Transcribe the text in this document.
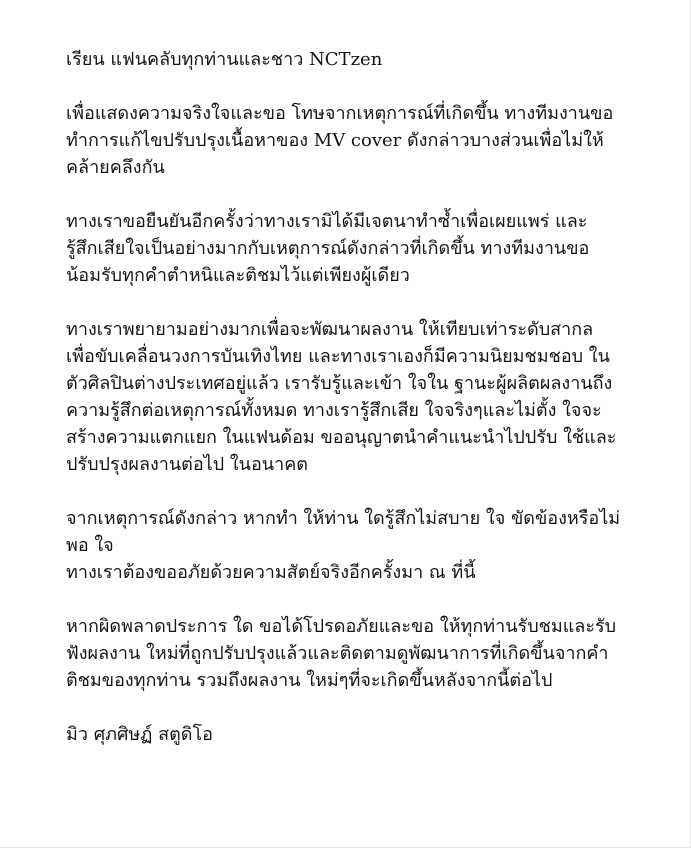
เรียน แฟนคลับทุกท่านและชาว NCTzen
เพื่อแสดงความจริงใจและขอ โทษจากเหตุการณ์ที่เกิดขึ้น ทางทีมงานขอ
ทำการแก้ไขปรับปรุงเนื้อหาของ MV cover ดังกล่าวบางส่วนเพื่อไม่ให้
คล้ายคลึงกัน
ทางเราขอยืนยันอีกครั้งว่าทางเรามิได้มีเจตนาทำซ้ำเพื่อเผยแพร่ และ
รู้สึกเสียใจเป็นอย่างมากกับเหตุการณ์ดังกล่าวที่เกิดขึ้น ทางทีมงานขอ
น้อมรับทุกคำตำหนิและติชมไว้แต่เพียงผู้เดียว
ทางเราพยายามอย่างมากเพื่อจะพัฒนาผลงาน ให้เทียบเท่าระดับสากล
เพื่อขับเคลื่อนวงการบันเทิงไทย และทางเราเองก็มีความนิยมชมชอบ ใน
ตัวศิลปินต่างประเทศอยู่แล้ว เรารับรู้และเข้า ใจใน ฐานะผู้ผลิตผลงานถึง
ความรู้สึกต่อเหตุการณ์ทั้งหมด ทางเรารู้สึกเสีย ใจจริงๆและไม่ตั้ง ใจจะ
สร้างความแตกแยก ในแฟนด้อม ขออนุญาตนำคำแนะนำไปปรับ ใช้และ
ปรับปรุงผลงานต่อไป ในอนาคต
จากเหตุการณ์ดังกล่าว หากทำ ให้ท่าน ใดรู้สึกไม่สบาย ใจ ขัดข้องหรือไม่
พอ ใจ
ทางเราต้องขออภัยด้วยความสัตย์จริงอีกครั้งมา ณ ที่นี้
หากผิดพลาดประการ ใด ขอได้โปรดอภัยและขอ ให้ทุกท่านรับชมและรับ
ฟังผลงาน ใหม่ที่ถูกปรับปรุงแล้วและติดตามดูพัฒนาการที่เกิดขึ้นจากคำ
ติชมของทุกท่าน รวมถึงผลงาน ใหม่ๆที่จะเกิดขึ้นหลังจากนี้ต่อไป
มิว ศุภศิษฏ์ สตูดิโอ
